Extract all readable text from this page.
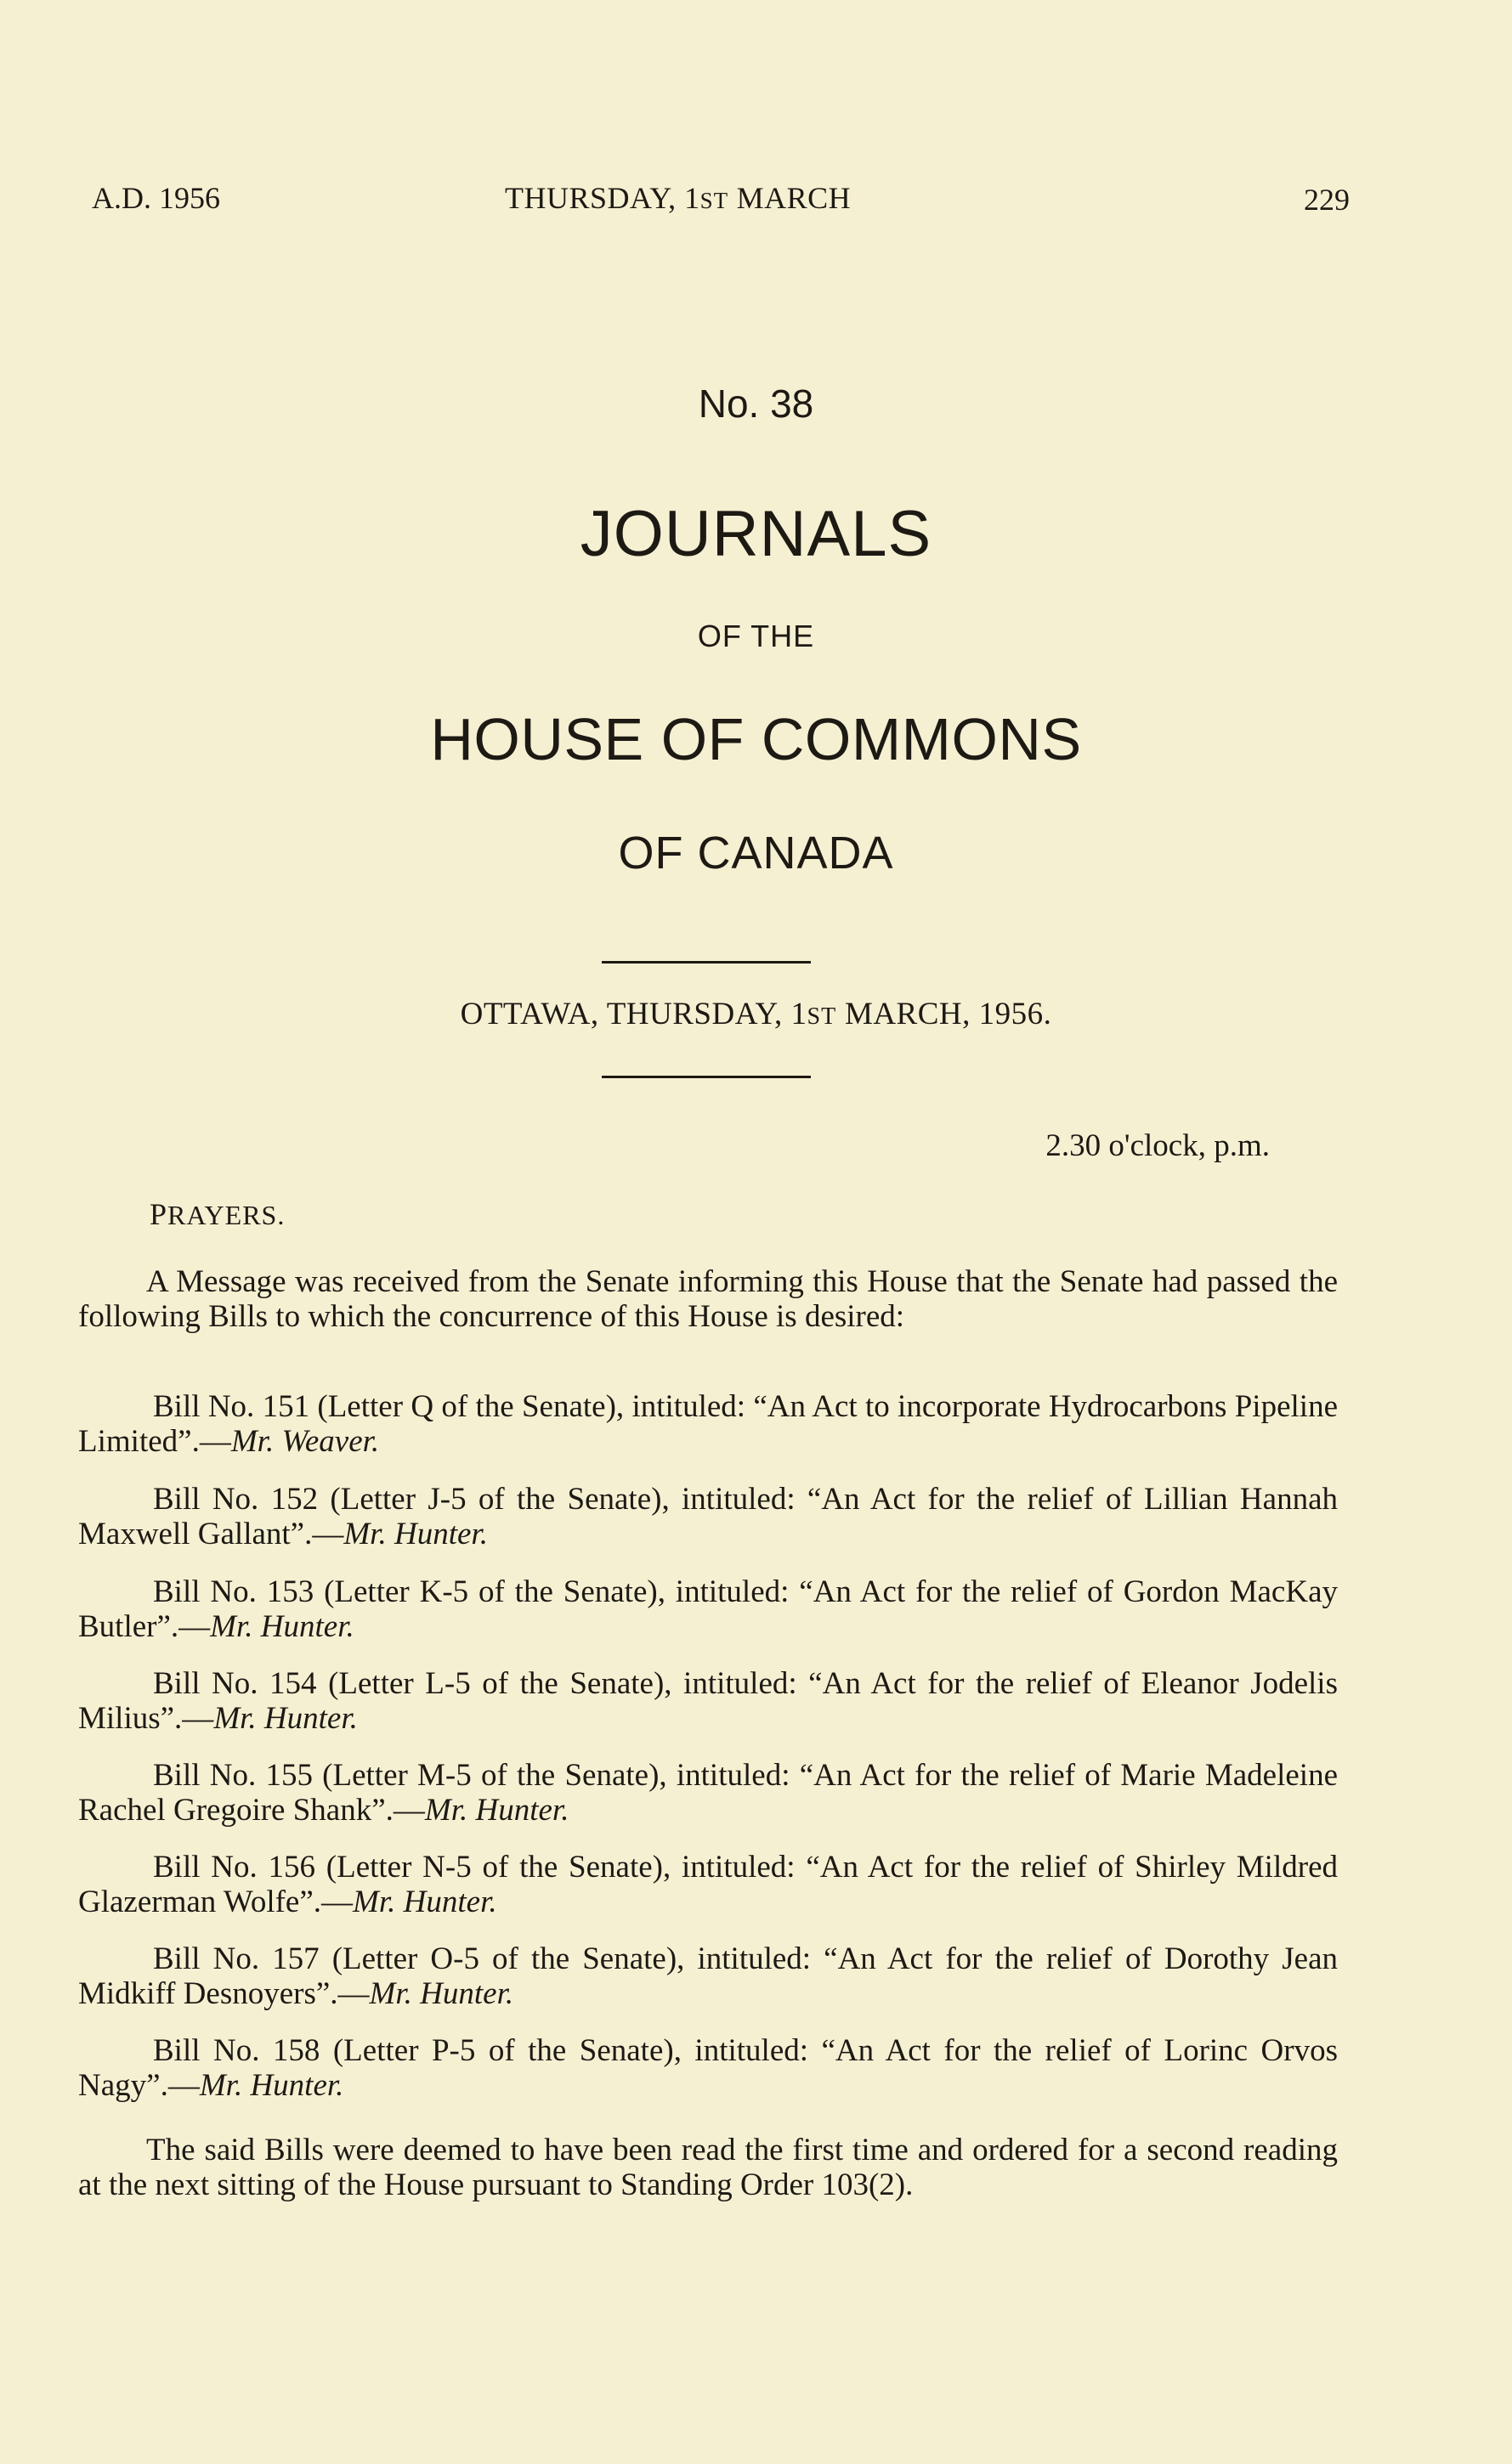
A.D. 1956	THURSDAY, 1ST MARCH	229
No. 38
JOURNALS
OF THE
HOUSE OF COMMONS
OF CANADA
OTTAWA, THURSDAY, 1ST MARCH, 1956.
2.30 o'clock, p.m.
PRAYERS.
A Message was received from the Senate informing this House that the Senate had passed the following Bills to which the concurrence of this House is desired:
Bill No. 151 (Letter Q of the Senate), intituled: “An Act to incorporate Hydrocarbons Pipeline Limited”.—Mr. Weaver.
Bill No. 152 (Letter J-5 of the Senate), intituled: “An Act for the relief of Lillian Hannah Maxwell Gallant”.—Mr. Hunter.
Bill No. 153 (Letter K-5 of the Senate), intituled: “An Act for the relief of Gordon MacKay Butler”.—Mr. Hunter.
Bill No. 154 (Letter L-5 of the Senate), intituled: “An Act for the relief of Eleanor Jodelis Milius”.—Mr. Hunter.
Bill No. 155 (Letter M-5 of the Senate), intituled: “An Act for the relief of Marie Madeleine Rachel Gregoire Shank”.—Mr. Hunter.
Bill No. 156 (Letter N-5 of the Senate), intituled: “An Act for the relief of Shirley Mildred Glazerman Wolfe”.—Mr. Hunter.
Bill No. 157 (Letter O-5 of the Senate), intituled: “An Act for the relief of Dorothy Jean Midkiff Desnoyers”.—Mr. Hunter.
Bill No. 158 (Letter P-5 of the Senate), intituled: “An Act for the relief of Lorinc Orvos Nagy”.—Mr. Hunter.
The said Bills were deemed to have been read the first time and ordered for a second reading at the next sitting of the House pursuant to Standing Order 103(2).
